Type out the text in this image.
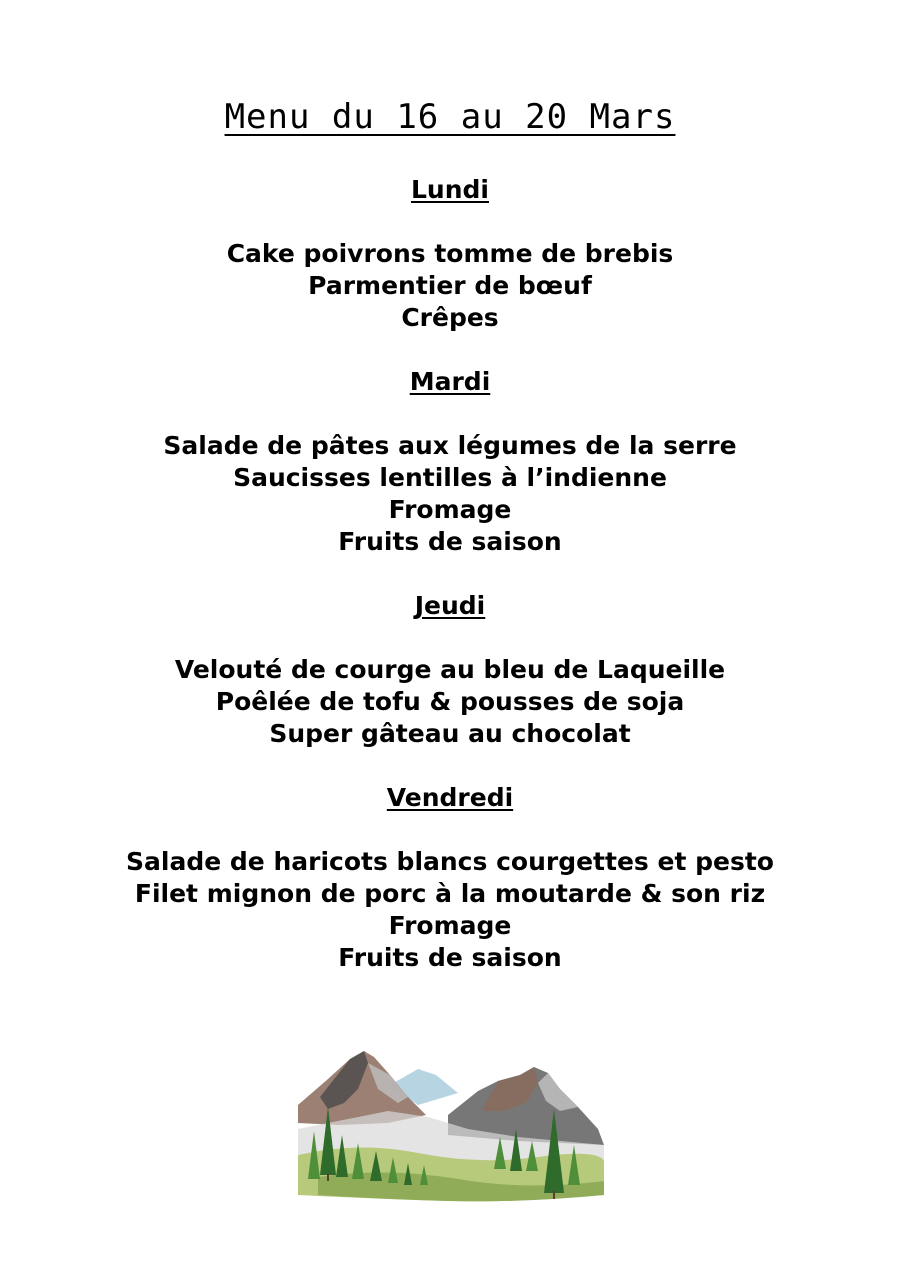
Menu du 16 au 20 Mars
Lundi
Cake poivrons tomme de brebis
Parmentier de bœuf
Crêpes
Mardi
Salade de pâtes aux légumes de la serre
Saucisses lentilles à l’indienne
Fromage
Fruits de saison
Jeudi
Velouté de courge au bleu de Laqueille
Poêlée de tofu & pousses de soja
Super gâteau au chocolat
Vendredi
Salade de haricots blancs courgettes et pesto
Filet mignon de porc à la moutarde & son riz
Fromage
Fruits de saison
